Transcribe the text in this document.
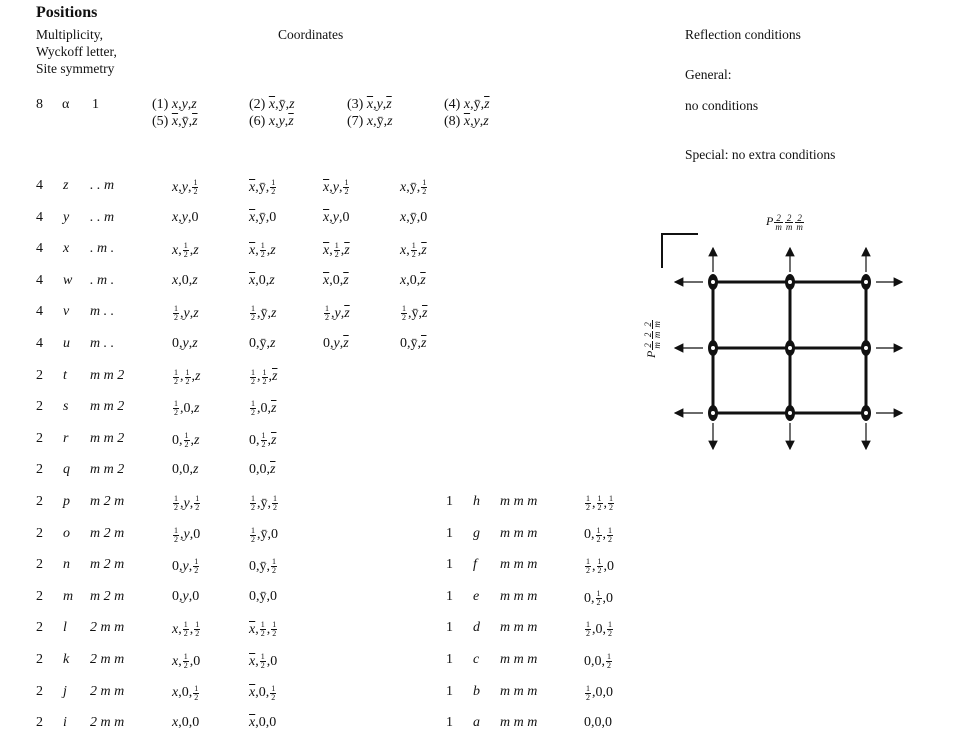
Positions
Multiplicity,
Wyckoff letter,
Site symmetry
Coordinates	Reflection conditions
General:
no conditions
Special: no extra conditions
8 α 1	(1) x,y,z	(2) $\overline{x},ȳ,z$	(3) $\overline{x},y,\overline{z}$	(4) $x,ȳ,\overline{z}$
(5) $\overline{x},ȳ,\overline{z}$	(6) $x,y,\overline{z}$	(7) x,ȳ,z	(8) $\overline{x},y,z$
4 z . . m	x,y, $\frac{1}{2}$	$\overline{x},ȳ$, $\frac{1}{2}$	$\overline{x},y$, $\frac{1}{2}$	x,ȳ, $\frac{1}{2}$
4 y . . m	x,y,0	$\overline{x},ȳ,0$	$\overline{x},y,0$	x,ȳ,0
4 x . m .	x, $\frac{1}{2} ,z$	$\overline{x}$, $\frac{1}{2} ,z$	$\overline{x}$, $\frac{1}{2} ,\overline{z}$	x, $\frac{1}{2} ,\overline{z}$
4 w . m .	x,0,z	$\overline{x},0,z$	$\overline{x},0,\overline{z}$	$x,0,\overline{z}$
4 v m . .	$\frac{1}{2} ,y,z$	$\frac{1}{2}$ ,ȳ,z	$\frac{1}{2} ,y,\overline{z}$	$\frac{1}{2}$ $,ȳ,\overline{z}$
4 u m . .	0,y,z	0,ȳ,z	$0,y,\overline{z}$	$0,ȳ,\overline{z}$
2 t m m 2	$\frac{1}{2}$ , $\frac{1}{2} ,z$	$\frac{1}{2}$ , $\frac{1}{2} ,\overline{z}$
2 s m m 2	$\frac{1}{2} ,0,z$	$\frac{1}{2} ,0,\overline{z}$
2 r m m 2	0, $\frac{1}{2} ,z$	0, $\frac{1}{2} ,\overline{z}$
2 q m m 2	0,0,z	$0,0,\overline{z}$
2 p m 2 m	$\frac{1}{2} ,y$, $\frac{1}{2}$	$\frac{1}{2}$ ,ȳ, $\frac{1}{2}$	1 h m m m	$\frac{1}{2}$ , $\frac{1}{2}$ , $\frac{1}{2}$
2 o m 2 m	$\frac{1}{2} ,y,0$	$\frac{1}{2}$ ,ȳ,0	1 g m m m	0, $\frac{1}{2}$ , $\frac{1}{2}$
2 n m 2 m	0,y, $\frac{1}{2}$	0,ȳ, $\frac{1}{2}$	1 f m m m	$\frac{1}{2}$ , $\frac{1}{2} ,0$
2 m m 2 m	0,y,0	0,ȳ,0	1 e m m m	0, $\frac{1}{2} ,0$
2 l 2 m m	x, $\frac{1}{2}$ , $\frac{1}{2}$	$\overline{x}$, $\frac{1}{2}$ , $\frac{1}{2}$	1 d m m m	$\frac{1}{2} ,0$, $\frac{1}{2}$
2 k 2 m m	x, $\frac{1}{2} ,0$	$\overline{x}$, $\frac{1}{2} ,0$	1 c m m m	0,0, $\frac{1}{2}$
2 j 2 m m	x,0, $\frac{1}{2}$	$\overline{x},0$, $\frac{1}{2}$	1 b m m m	$\frac{1}{2} ,0,0$
2 i 2 m m	x,0,0	$\overline{x},0,0$	1 a m m m	0,0,0
P $\frac{2}{m} \frac{2}{m} \frac{2}{m}$
P
2 m
2 m
2 m
